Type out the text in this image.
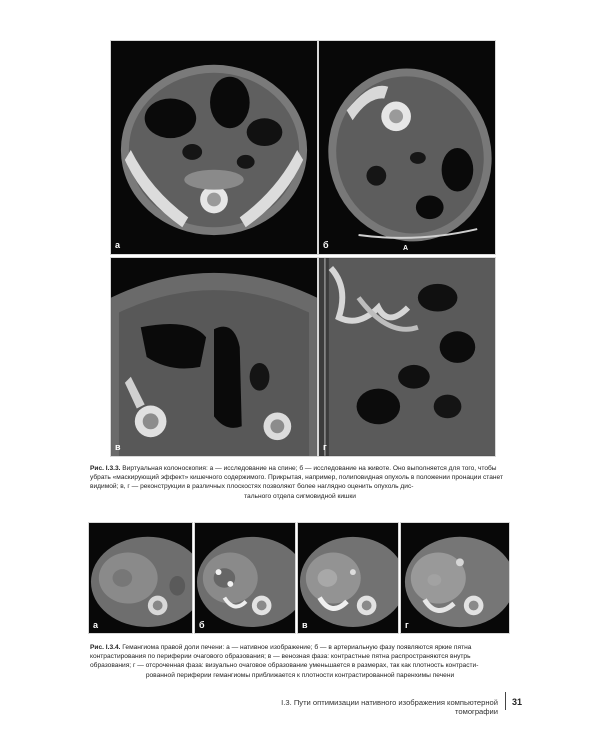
а	б	A
в	г
Рис. I.3.3. Виртуальная колоноскопия: а — исследование на спине; б — исследование на животе. Оно выполняется для того, чтобы убрать «маскирующий эффект» кишечного содержимого. Прикрытая, например, полиповидная опухоль в положении пронации станет видимой; в, г — реконструкции в различных плоскостях позволяют более наглядно оценить опухоль дис-
тального отдела сигмовидной кишки
а	б	в	г
Рис. I.3.4. Гемангиома правой доли печени: а — нативное изображение; б — в артериальную фазу появляются яркие пятна контрастирования по периферии очагового образования; в — венозная фаза: контрастные пятна распространяются внутрь образования; г — отсроченная фаза: визуально очаговое образование уменьшается в размерах, так как плотность контрасти-
рованной периферии гемангиомы приближается к плотности контрастированной паренхимы печени
I.3. Пути оптимизации нативного изображения компьютерной томографии
31
